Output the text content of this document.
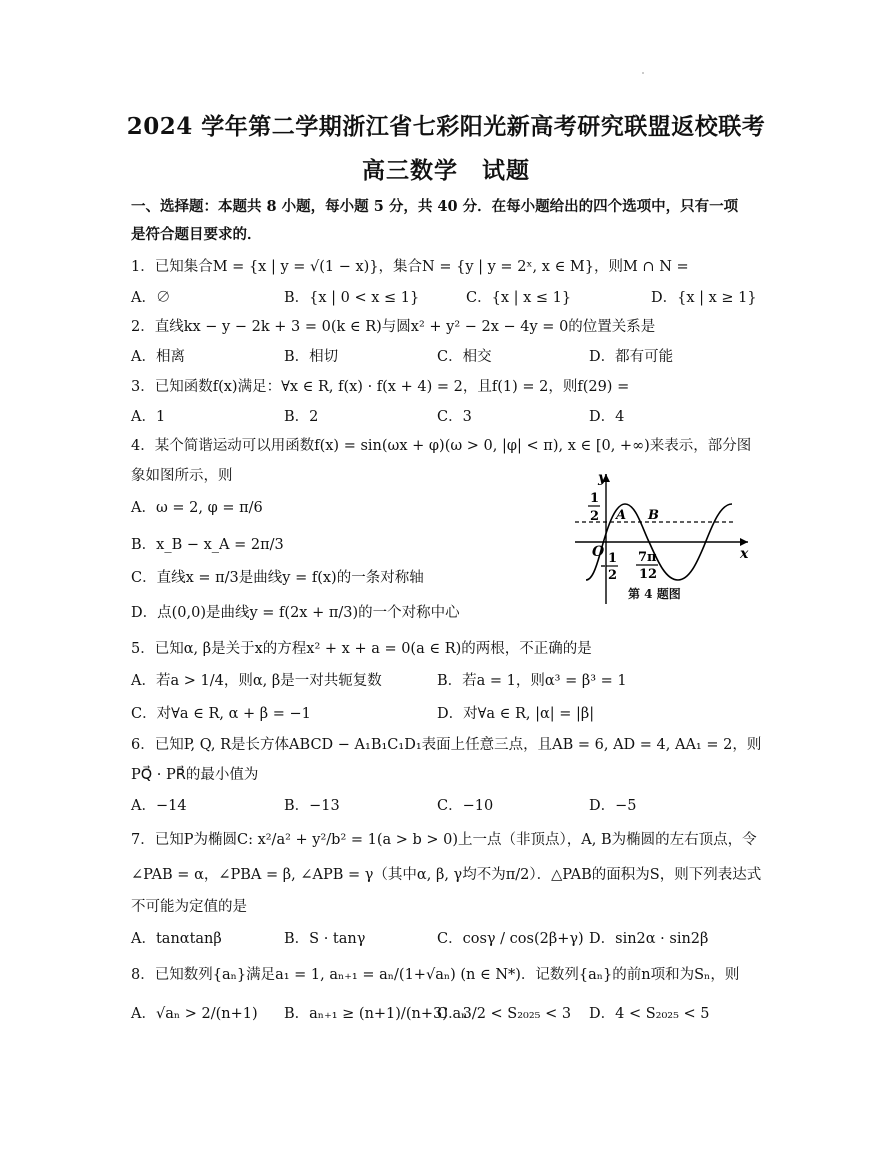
2024 学年第二学期浙江省七彩阳光新高考研究联盟返校联考
高三数学　试题
一、选择题：本题共 8 小题，每小题 5 分，共 40 分．在每小题给出的四个选项中，只有一项
是符合题目要求的．
1．已知集合M = {x | y = √(1 − x)}，集合N = {y | y = 2ˣ, x ∈ M}，则M ∩ N =
A．∅	B．{x | 0 < x ≤ 1}	C．{x | x ≤ 1}	D．{x | x ≥ 1}
2．直线kx − y − 2k + 3 = 0(k ∈ R)与圆x² + y² − 2x − 4y = 0的位置关系是
A．相离	B．相切	C．相交	D．都有可能
3．已知函数f(x)满足：∀x ∈ R, f(x) · f(x + 4) = 2，且f(1) = 2，则f(29) =
A．1	B．2	C．3	D．4
4．某个简谐运动可以用函数f(x) = sin(ωx + φ)(ω > 0, |φ| < π), x ∈ [0, +∞)来表示，部分图
象如图所示，则
A．ω = 2, φ = π/6
B．x_B − x_A = 2π/3
C．直线x = π/3是曲线y = f(x)的一条对称轴
D．点(0,0)是曲线y = f(2x + π/3)的一个对称中心
y
x
O
1
2
1
2
A B
7π
12
第 4 题图
5．已知α, β是关于x的方程x² + x + a = 0(a ∈ R)的两根，不正确的是
A．若a > 1/4，则α, β是一对共轭复数	B．若a = 1，则α³ = β³ = 1
C．对∀a ∈ R, α + β = −1	D．对∀a ∈ R, |α| = |β|
6．已知P, Q, R是长方体ABCD − A₁B₁C₁D₁表面上任意三点，且AB = 6, AD = 4, AA₁ = 2，则
PQ⃗ · PR⃗的最小值为
A．−14	B．−13	C．−10	D．−5
7．已知P为椭圆C: x²/a² + y²/b² = 1(a > b > 0)上一点（非顶点），A, B为椭圆的左右顶点，令
∠PAB = α，∠PBA = β, ∠APB = γ（其中α, β, γ均不为π/2）．△PAB的面积为S，则下列表达式
不可能为定值的是
A．tanαtanβ	B．S · tanγ	C．cosγ / cos(2β+γ) D．sin2α · sin2β
8．已知数列{aₙ}满足a₁ = 1, aₙ₊₁ = aₙ/(1+√aₙ) (n ∈ N*)．记数列{aₙ}的前n项和为Sₙ，则
A．√aₙ > 2/(n+1) B．aₙ₊₁ ≥ (n+1)/(n+3) aₙ
C．3/2 < S₂₀₂₅ < 3 D．4 < S₂₀₂₅ < 5
